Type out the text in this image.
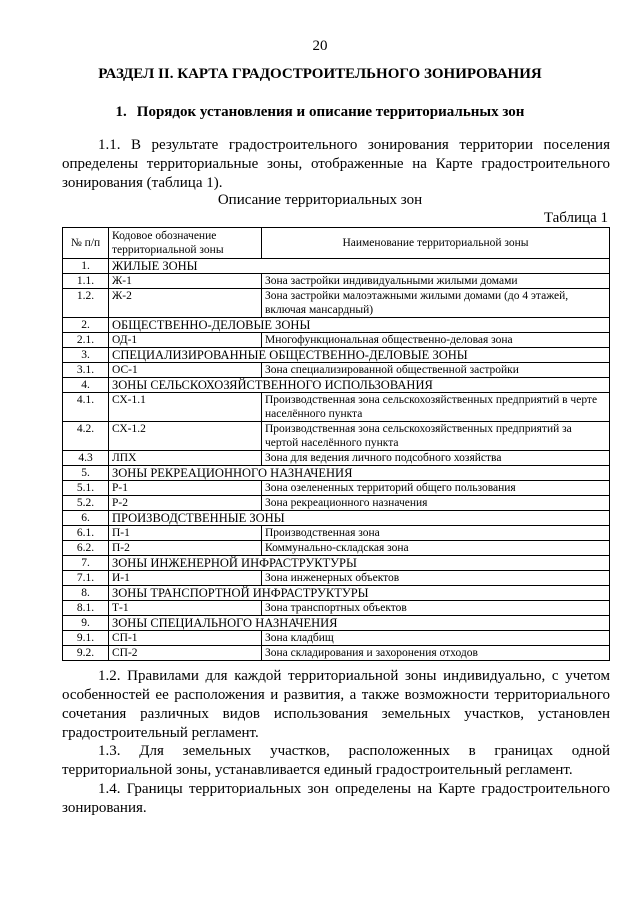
20
РАЗДЕЛ II. КАРТА ГРАДОСТРОИТЕЛЬНОГО ЗОНИРОВАНИЯ
1. Порядок установления и описание территориальных зон

1.1. В результате градостроительного зонирования территории поселения определены территориальные зоны, отображенные на Карте градостроительного зонирования (таблица 1).

Описание территориальных зон
Таблица 1
№ п/п	Кодовое обозначение территориальной зоны	Наименование территориальной зоны
1.	ЖИЛЫЕ ЗОНЫ	
1.1.	Ж-1	Зона застройки индивидуальными жилыми домами
1.2.	Ж-2	Зона застройки малоэтажными жилыми домами (до 4 этажей, включая мансардный)
2.	ОБЩЕСТВЕННО-ДЕЛОВЫЕ ЗОНЫ	
2.1.	ОД-1	Многофункциональная общественно-деловая зона
3.	СПЕЦИАЛИЗИРОВАННЫЕ ОБЩЕСТВЕННО-ДЕЛОВЫЕ ЗОНЫ	
3.1.	ОС-1	Зона специализированной общественной застройки
4.	ЗОНЫ СЕЛЬСКОХОЗЯЙСТВЕННОГО ИСПОЛЬЗОВАНИЯ	
4.1.	СХ-1.1	Производственная зона сельскохозяйственных предприятий в черте населённого пункта
4.2.	СХ-1.2	Производственная зона сельскохозяйственных предприятий за чертой населённого пункта
4.3	ЛПХ	Зона для ведения личного подсобного хозяйства
5.	ЗОНЫ РЕКРЕАЦИОННОГО НАЗНАЧЕНИЯ	
5.1.	Р-1	Зона озелененных территорий общего пользования
5.2.	Р-2	Зона рекреационного назначения
6.	ПРОИЗВОДСТВЕННЫЕ ЗОНЫ	
6.1.	П-1	Производственная зона
6.2.	П-2	Коммунально-складская зона
7.	ЗОНЫ ИНЖЕНЕРНОЙ ИНФРАСТРУКТУРЫ	
7.1.	И-1	Зона инженерных объектов
8.	ЗОНЫ ТРАНСПОРТНОЙ ИНФРАСТРУКТУРЫ	
8.1.	Т-1	Зона транспортных объектов
9.	ЗОНЫ СПЕЦИАЛЬНОГО НАЗНАЧЕНИЯ	
9.1.	СП-1	Зона кладбищ
9.2.	СП-2	Зона складирования и захоронения отходов

1.2. Правилами для каждой территориальной зоны индивидуально, с учетом особенностей ее расположения и развития, а также возможности территориального сочетания различных видов использования земельных участков, установлен градостроительный регламент.

1.3. Для земельных участков, расположенных в границах одной территориальной зоны, устанавливается единый градостроительный регламент.

1.4. Границы территориальных зон определены на Карте градостроительного зонирования.
